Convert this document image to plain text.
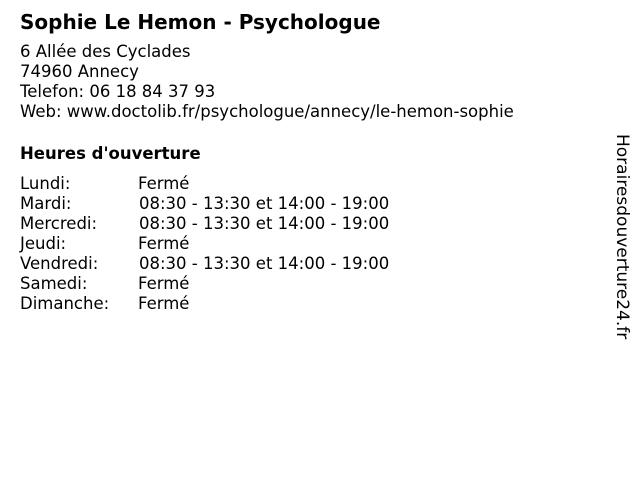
Sophie Le Hemon - Psychologue
6 Allée des Cyclades
74960 Annecy
Telefon: 06 18 84 37 93
Web: www.doctolib.fr/psychologue/annecy/le-hemon-sophie
Heures d'ouverture
Lundi:	Fermé
Mardi:	08:30 - 13:30 et 14:00 - 19:00
Mercredi:	08:30 - 13:30 et 14:00 - 19:00
Jeudi:	Fermé
Vendredi:	08:30 - 13:30 et 14:00 - 19:00
Samedi:	Fermé
Dimanche:	Fermé	Horairesdouverture24.fr
